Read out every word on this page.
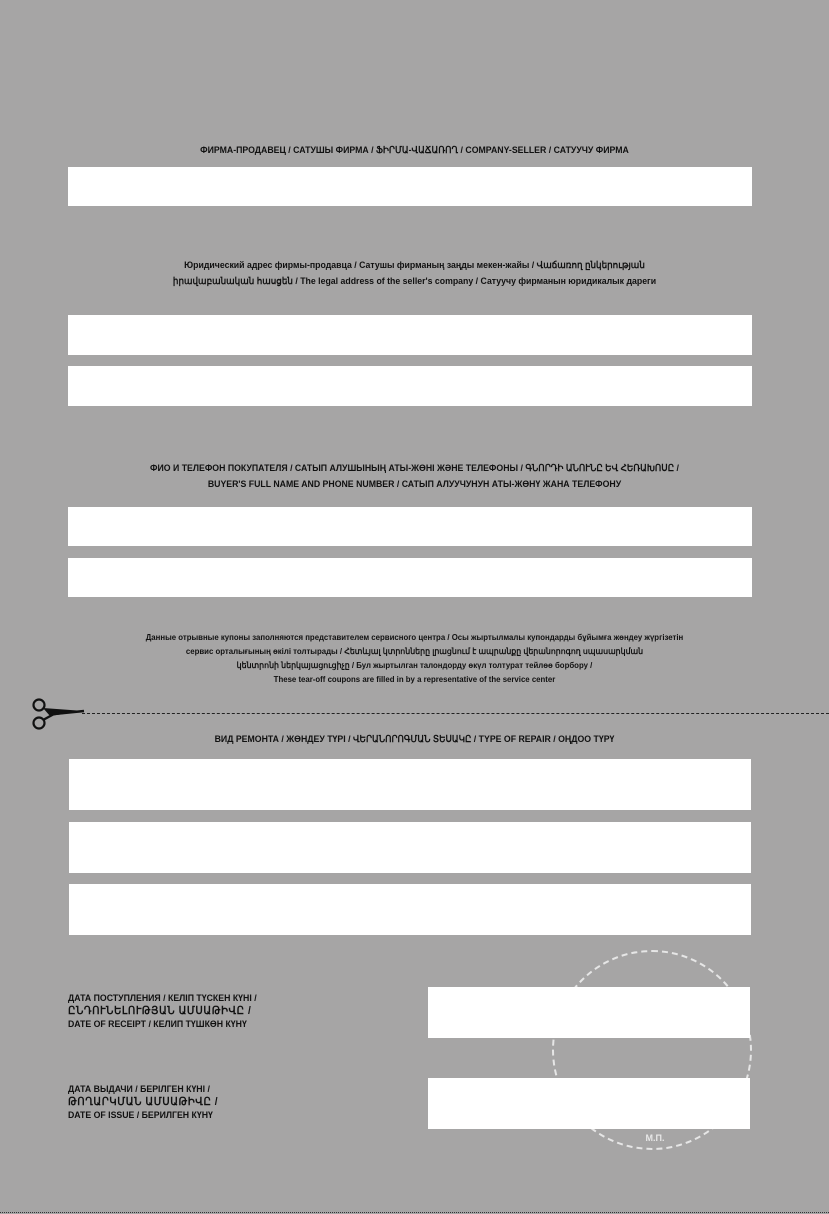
ФИРМА-ПРОДАВЕЦ / САТУШЫ ФИРМА / ՖԻՐՄԱ-ՎԱՃԱՌՈՂ / COMPANY-SELLER / САТУУЧУ ФИРМА
Юридический адрес фирмы-продавца / Сатушы фирманың заңды мекен-жайы / Վաճառող ընկերության
իրավաբանական հասցեն / The legal address of the seller's company / Сатуучу фирманын юридикалык дареги
ФИО И ТЕЛЕФОН ПОКУПАТЕЛЯ / САТЫП АЛУШЫНЫҢ АТЫ-ЖӨНІ ЖӘНЕ ТЕЛЕФОНЫ / ԳՆՈՐԴԻ ԱՆՈՒՆԸ ԵՎ ՀԵՌԱԽՈՍԸ /
BUYER'S FULL NAME AND PHONE NUMBER / САТЫП АЛУУЧУНУН АТЫ-ЖӨНҮ ЖАНА ТЕЛЕФОНУ
Данные отрывные купоны заполняются представителем сервисного центра / Осы жыртылмалы купондарды бұйымға жөндеу жүргізетін
сервис орталығының өкілі толтырады / Հետևյալ կտրոնները լրացնում է ապրանքը վերանորոգող սպասարկման
կենտրոնի ներկայացուցիչը / Бул жыртылган талондорду өкүл толтурат тейлөө борбору /
These tear-off coupons are filled in by a representative of the service center
ВИД РЕМОНТА / ЖӨНДЕУ ТҮРІ / ՎԵՐԱՆՈՐՈԳՄԱՆ ՏԵՍԱԿԸ / TYPE OF REPAIR / ОҢДОО ТҮРҮ
М.П.
ДАТА ПОСТУПЛЕНИЯ / КЕЛІП ТҮСКЕН КҮНІ /
ԸՆԴՈՒՆԵԼՈՒԹՅԱՆ ԱՄՍԱԹԻՎԸ /
DATE OF RECEIPT / КЕЛИП ТҮШКӨН КҮНҮ
ДАТА ВЫДАЧИ / БЕРІЛГЕН КҮНІ /
ԹՈՂԱՐԿՄԱՆ ԱՄՍԱԹԻՎԸ /
DATE OF ISSUE / БЕРИЛГЕН КҮНҮ
